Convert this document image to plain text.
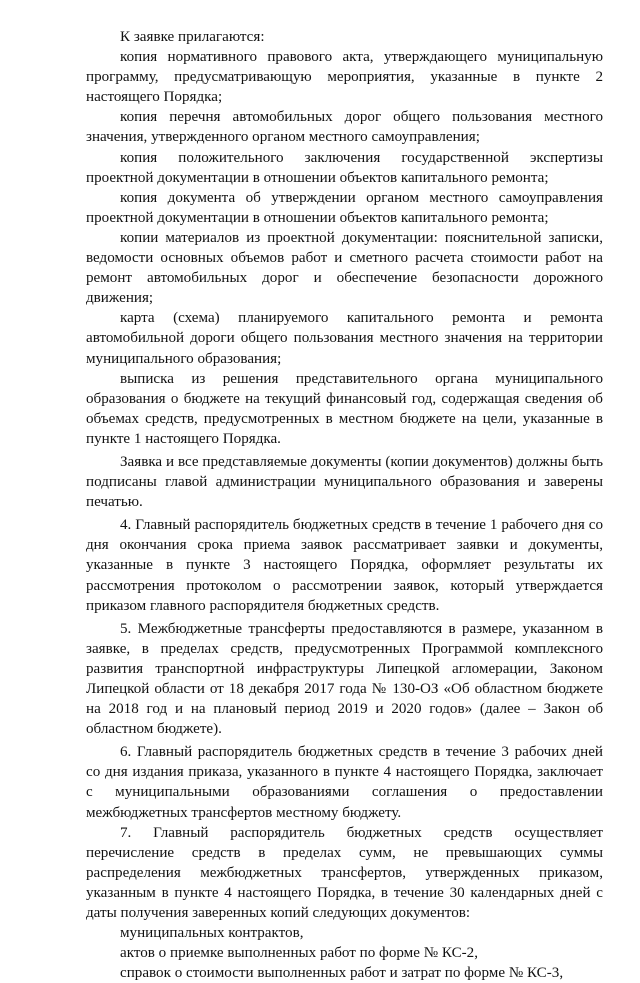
К заявке прилагаются:

копия нормативного правового акта, утверждающего муниципальную программу, предусматривающую мероприятия, указанные в пункте 2 настоящего Порядка;

копия перечня автомобильных дорог общего пользования местного значения, утвержденного органом местного самоуправления;

копия положительного заключения государственной экспертизы проектной документации в отношении объектов капитального ремонта;

копия документа об утверждении органом местного самоуправления проектной документации в отношении объектов капитального ремонта;

копии материалов из проектной документации: пояснительной записки, ведомости основных объемов работ и сметного расчета стоимости работ на ремонт автомобильных дорог и обеспечение безопасности дорожного движения;

карта (схема) планируемого капитального ремонта и ремонта автомобильной дороги общего пользования местного значения на территории муниципального образования;

выписка из решения представительного органа муниципального образования о бюджете на текущий финансовый год, содержащая сведения об объемах средств, предусмотренных в местном бюджете на цели, указанные в пункте 1 настоящего Порядка.

Заявка и все представляемые документы (копии документов) должны быть подписаны главой администрации муниципального образования и заверены печатью.

4. Главный распорядитель бюджетных средств в течение 1 рабочего дня со дня окончания срока приема заявок рассматривает заявки и документы, указанные в пункте 3 настоящего Порядка, оформляет результаты их рассмотрения протоколом о рассмотрении заявок, который утверждается приказом главного распорядителя бюджетных средств.

5. Межбюджетные трансферты предоставляются в размере, указанном в заявке, в пределах средств, предусмотренных Программой комплексного развития транспортной инфраструктуры Липецкой агломерации, Законом Липецкой области от 18 декабря 2017 года № 130-ОЗ «Об областном бюджете на 2018 год и на плановый период 2019 и 2020 годов» (далее – Закон об областном бюджете).

6. Главный распорядитель бюджетных средств в течение 3 рабочих дней со дня издания приказа, указанного в пункте 4 настоящего Порядка, заключает с муниципальными образованиями соглашения о предоставлении межбюджетных трансфертов местному бюджету.

7. Главный распорядитель бюджетных средств осуществляет перечисление средств в пределах сумм, не превышающих суммы распределения межбюджетных трансфертов, утвержденных приказом, указанным в пункте 4 настоящего Порядка, в течение 30 календарных дней с даты получения заверенных копий следующих документов:

муниципальных контрактов,

актов о приемке выполненных работ по форме № КС-2,

справок о стоимости выполненных работ и затрат по форме № КС-3,
